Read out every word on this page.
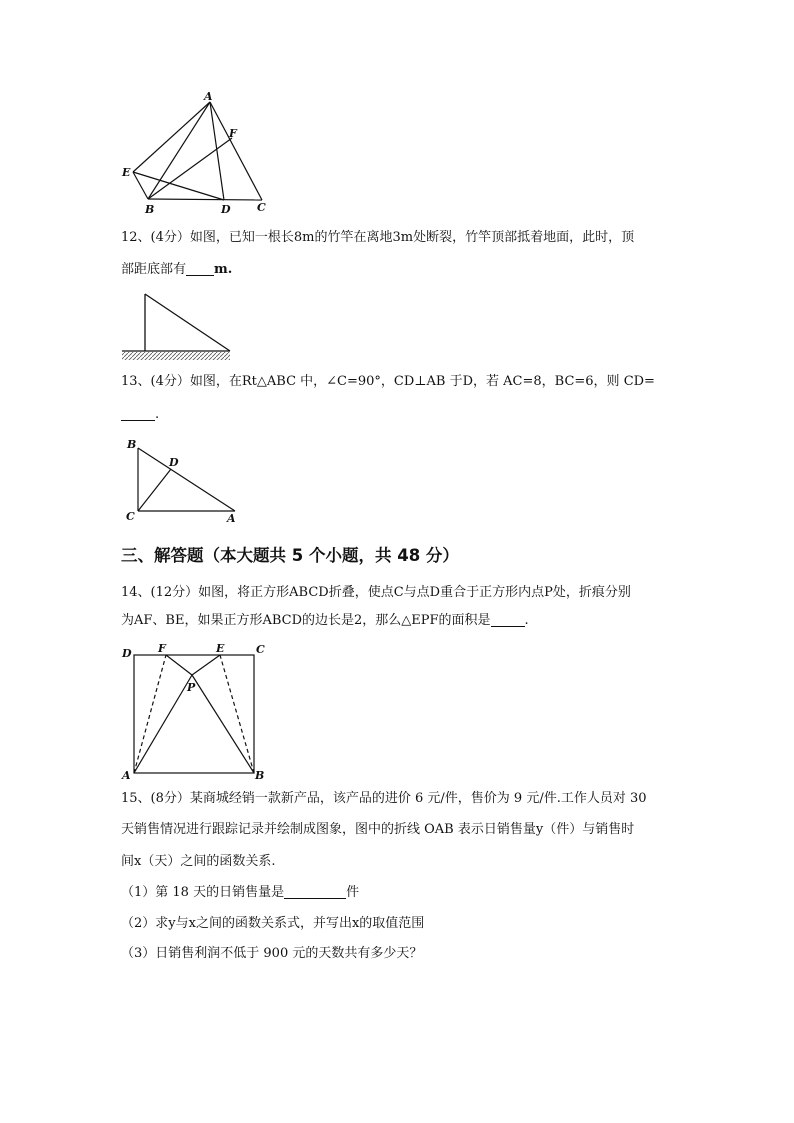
A
F
E
B	D C
12、(4分）如图，已知一根长8m的竹竿在离地3m处断裂，竹竿顶部抵着地面，此时，顶
部距底部有 m.
13、(4分）如图，在Rt△ABC 中，∠C=90°，CD⊥AB 于D，若 AC=8，BC=6，则 CD=
.
B
D
C	A
三、解答题（本大题共 5 个小题，共 48 分）
14、(12分）如图，将正方形ABCD折叠，使点C与点D重合于正方形内点P处，折痕分别
为AF、BE，如果正方形ABCD的边长是2，那么△EPF的面积是	.
D F	E	C
P
A	B
15、(8分）某商城经销一款新产品，该产品的进价 6 元/件，售价为 9 元/件.工作人员对 30
天销售情况进行跟踪记录并绘制成图象，图中的折线 OAB 表示日销售量y（件）与销售时
间x（天）之间的函数关系.
（1）第 18 天的日销售量是	件
（2）求y与x之间的函数关系式，并写出x的取值范围
（3）日销售利润不低于 900 元的天数共有多少天？
